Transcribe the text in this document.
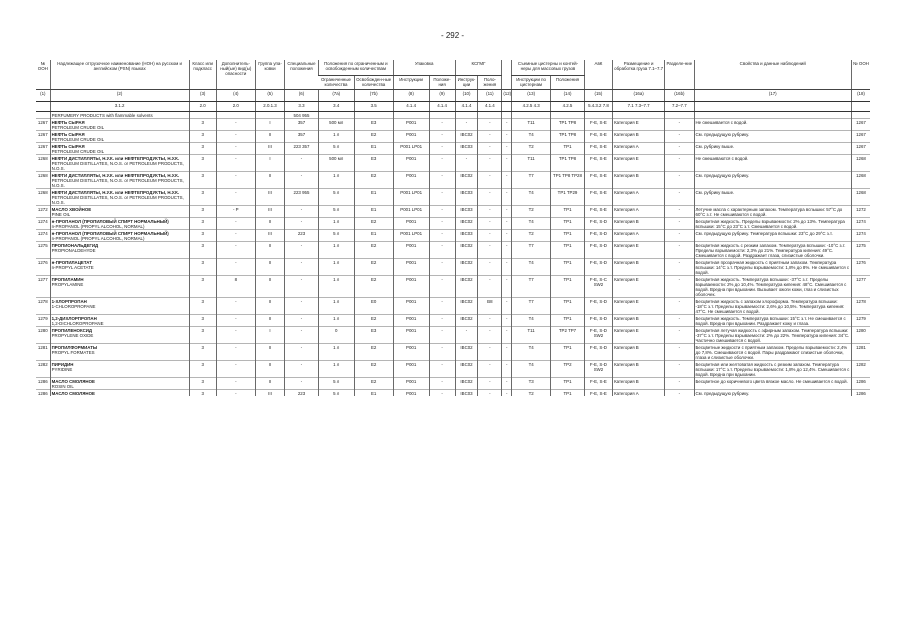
- 292 -
№ ООН	Надлежащее отгрузочное наименование (НОН) на русском и английском (PSN) языках	Класс или подкласс	Дополнитель-ный(ые) вид(ы) опасности	Группа упа-ковки	Специальные положения	Положения по ограниченным и освобожденным количествам		Упаковка		КСГМГ			Съемные цистерны и контей-неры для массовых грузов		АвК	Размещение и обработка груза 7.1–7.7	Разделе-ние	Свойства и данные наблюдений	№ ООН
						Ограниченные количества	Освобожден-ные количества	Инструкции	Положе-ния	Инструк-ции	Поло-жения		Инструкции по цистернам	Положения					
(1)	(2)	(3)	(4)	(5)	(6)	(7a)	(7b)	(8)	(9)	(10)	(11)	(12)	(13)	(14)	(15)	(16a)	(16b)	(17)	(18)
	3.1.2	2.0	2.0	2.0.1.3	3.3	3.4	3.5	4.1.4	4.1.4	4.1.4	4.1.4		4.2.5 4.3	4.2.5	5.4.3.2 7.8	7.1 7.3–7.7	7.2–7.7		

	PERFUMERY PRODUCTS with flammable solvents				504 955														
1267	НЕФТЬ СЫРАЯ
PETROLEUM CRUDE OIL	3	-	I	357	500 мл	E3	P001	-	-	-	-	T11	TP1 TP8	F-E, S-E	Категория E	-	Не смешивается с водой.	1267
1267	НЕФТЬ СЫРАЯ
PETROLEUM CRUDE OIL	3	-	II	357	1 л	E2	P001	-	IBC02	-	-	T4	TP1 TP8	F-E, S-E	Категория B	-	См. предыдущую рубрику.	1267
1267	НЕФТЬ СЫРАЯ
PETROLEUM CRUDE OIL	3	-	III	223 357	5 л	E1	P001 LP01	-	IBC03	-	-	T2	TP1	F-E, S-E	Категория A	-	См. рубрику выше.	1267
1268	НЕФТИ ДИСТИЛЛЯТЫ, Н.У.К. или НЕФТЕПРОДУКТЫ, Н.У.К.
PETROLEUM DISTILLATES, N.O.S. or PETROLEUM PRODUCTS, N.O.S.	3	-	I	-	500 мл	E3	P001	-	-	-	-	T11	TP1 TP8	F-E, S-E	Категория E	-	Не смешиваются с водой.	1268
1268	НЕФТИ ДИСТИЛЛЯТЫ, Н.У.К. или НЕФТЕПРОДУКТЫ, Н.У.К.
PETROLEUM DISTILLATES, N.O.S. or PETROLEUM PRODUCTS, N.O.S.	3	-	II	-	1 л	E2	P001	-	IBC02	-	-	T7	TP1 TP8 TP28	F-E, S-E	Категория B	-	См. предыдущую рубрику.	1268
1268	НЕФТИ ДИСТИЛЛЯТЫ, Н.У.К. или НЕФТЕПРОДУКТЫ, Н.У.К.
PETROLEUM DISTILLATES, N.O.S. or PETROLEUM PRODUCTS, N.O.S.	3	-	III	223 955	5 л	E1	P001 LP01	-	IBC03	-	-	T4	TP1 TP29	F-E, S-E	Категория A	-	См. рубрику выше.	1268
1272	МАСЛО ХВОЙНОЕ
PINE OIL	3	- P	III	-	5 л	E1	P001 LP01	-	IBC03	-	-	T2	TP1	F-E, S-E	Категория A	-	Летучие масла с характерным запахом. Температура вспышки: 57°C до 60°C з.т. Не смешиваются с водой.	1272
1274	н-ПРОПАНОЛ (ПРОПИЛОВЫЙ СПИРТ НОРМАЛЬНЫЙ)
n-PROPANOL (PROPYL ALCOHOL, NORMAL)	3	-	II	-	1 л	E2	P001	-	IBC02	-	-	T4	TP1	F-E, S-D	Категория B	-	Бесцветная жидкость. Пределы взрываемости: 2% до 13%. Температура вспышки: 15°C до 23°C з.т. Смешивается с водой.	1274
1274	н-ПРОПАНОЛ (ПРОПИЛОВЫЙ СПИРТ НОРМАЛЬНЫЙ)
n-PROPANOL (PROPYL ALCOHOL, NORMAL)	3	-	III	223	5 л	E1	P001 LP01	-	IBC03	-	-	T2	TP1	F-E, S-D	Категория A	-	См. предыдущую рубрику. Температура вспышки: 23°C до 29°C з.т.	1274
1275	ПРОПИОНАЛЬДЕГИД
PROPIONALDEHYDE	3	-	II	-	1 л	E2	P001	-	IBC02	-	-	T7	TP1	F-E, S-D	Категория E	-	Бесцветная жидкость с резким запахом. Температура вспышки: -10°C з.т. Пределы взрываемости: 2,3% до 21%. Температура кипения: 49°C. Смешивается с водой. Раздражает глаза, слизистые оболочки.	1275
1276	н-ПРОПИЛАЦЕТАТ
n-PROPYL ACETATE	3	-	II	-	1 л	E2	P001	-	IBC02	-	-	T4	TP1	F-E, S-D	Категория B	-	Бесцветная прозрачная жидкость с приятным запахом. Температура вспышки: 14°C з.т. Пределы взрываемости: 1,8% до 8%. Не смешивается с водой.	1276
1277	ПРОПИЛАМИН
PROPYLAMINE	3	8	II	-	1 л	E2	P001	-	IBC02	-	-	T7	TP1	F-E, S-C SW2	Категория E	-	Бесцветная жидкость. Температура вспышки: -37°C з.т. Пределы взрываемости: 2% до 10,4%. Температура кипения: 48°C. Смешивается с водой. Вредна при вдыхании. Вызывает ожоги кожи, глаз и слизистых оболочек.	1277
1278	1-ХЛОРПРОПАН
1-CHLOROPROPANE	3	-	II	-	1 л	E0	P001	-	IBC02	B8	-	T7	TP1	F-E, S-D	Категория E	-	Бесцветная жидкость с запахом хлороформа. Температура вспышки: -18°C з.т. Пределы взрываемости: 2,6% до 10,5%. Температура кипения: 47°C. Не смешивается с водой.	1278
1279	1,2-ДИХЛОРПРОПАН
1,2-DICHLOROPROPANE	3	-	II	-	1 л	E2	P001	-	IBC02	-	-	T4	TP1	F-E, S-D	Категория B	-	Бесцветная жидкость. Температура вспышки: 15°C з.т. Не смешивается с водой. Вредна при вдыхании. Раздражает кожу и глаза.	1279
1280	ПРОПИЛЕНОКСИД
PROPYLENE OXIDE	3	-	I	-	0	E3	P001	-	-	-	-	T11	TP2 TP7	F-E, S-D SW2	Категория E	-	Бесцветная летучая жидкость с эфирным запахом. Температура вспышки: -37°C з.т. Пределы взрываемости: 2% до 22%. Температура кипения: 34°C. Частично смешивается с водой.	1280
1281	ПРОПИЛФОРМИАТЫ
PROPYL FORMATES	3	-	II	-	1 л	E2	P001	-	IBC02	-	-	T4	TP1	F-E, S-D	Категория B	-	Бесцветные жидкости с приятным запахом. Пределы взрываемости: 2,4% до 7,8%. Смешиваются с водой. Пары раздражают слизистые оболочки, глаза и слизистые оболочки.	1281
1282	ПИРИДИН
PYRIDINE	3	-	II	-	1 л	E2	P001	-	IBC02	-	-	T4	TP2	F-E, S-D SW2	Категория B	-	Бесцветная или желтоватая жидкость с резким запахом. Температура вспышки: 17°C з.т. Пределы взрываемости: 1,8% до 12,4%. Смешивается с водой. Вредна при вдыхании.	1282
1286	МАСЛО СМОЛЯНОЕ
ROSIN OIL	3	-	II	-	5 л	E2	P001	-	IBC02	-	-	T3	TP1	F-E, S-E	Категория B	-	Бесцветное до коричневого цвета вязкое масло. Не смешивается с водой.	1286
1286	МАСЛО СМОЛЯНОЕ	3	-	III	223	5 л	E1	P001	-	IBC03	-	-	T2	TP1	F-E, S-E	Категория A	-	См. предыдущую рубрику.	1286
